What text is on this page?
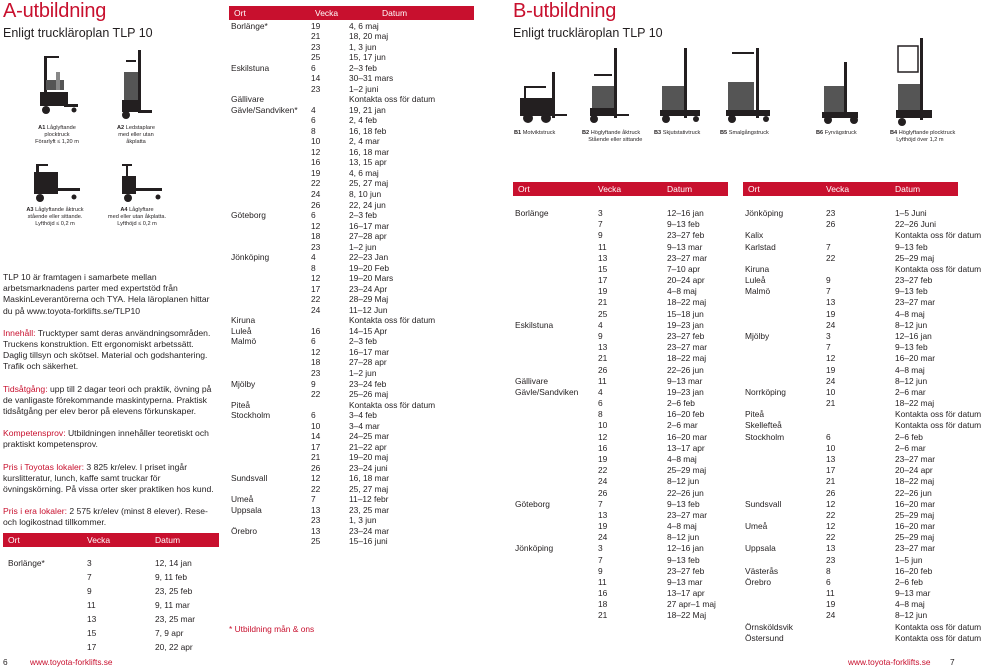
A-utbildning
Enligt truckläroplan TLP 10
A1 Låglyftande plocktruck
Förarlyft ≤ 1,20 m
A2 Ledstaplare
med eller utan
åkplatta
A3 Låglyftande åktruck
stående eller sittande.
Lyfthöjd ≤ 0,2 m
A4 Låglyftare
med eller utan åkplatta.
Lyfthöjd ≤ 0,2 m

TLP 10 är framtagen i samarbete mellan arbetsmarknadens parter med expertstöd från MaskinLeverantörerna och TYA. Hela läroplanen hittar du på www.toyota-forklifts.se/TLP10

Innehåll: Trucktyper samt deras användningsområden. Truckens konstruktion. Ett ergonomiskt arbetssätt. Daglig tillsyn och skötsel. Material och godshantering. Trafik och säkerhet.

Tidsåtgång: upp till 2 dagar teori och praktik, övning på de vanligaste förekommande maskintyperna. Praktisk tidsåtgång per elev beror på elevens förkunskaper.

Kompetensprov: Utbildningen innehåller teoretiskt och praktiskt kompetensprov.

Pris i Toyotas lokaler: 3 825 kr/elev. I priset ingår kurslitteratur, lunch, kaffe samt truckar för övningskörning. På vissa orter sker praktiken hos kund.

Pris i era lokaler: 2 575 kr/elev (minst 8 elever). Rese- och logikostnad tillkommer.

Ort	Vecka	Datum
Borlänge*	3	12, 14 jan
7	9, 11 feb
9	23, 25 feb
11	9, 11 mar
13	23, 25 mar
15	7, 9 apr
17	20, 22 apr
Ort	Vecka	Datum
Borlänge*	19	4, 6 maj
21	18, 20 maj
23	1, 3 jun
25	15, 17 jun
Eskilstuna	6	2–3 feb
14	30–31 mars
23	1–2 juni
Gällivare	Kontakta oss för datum
Gävle/Sandviken* 4	19, 21 jan
6	2, 4 feb
8	16, 18 feb
10	2, 4 mar
12	16, 18 mar
16	13, 15 apr
19	4, 6 maj
22	25, 27 maj
24	8, 10 jun
26	22, 24 jun
Göteborg	6	2–3 feb
12	16–17 mar
18	27–28 apr
23	1–2 jun
Jönköping	4	22–23 Jan
8	19–20 Feb
12	19–20 Mars
17	23–24 Apr
22	28–29 Maj
24	11–12 Jun
Kiruna	Kontakta oss för datum
Luleå	16	14–15 Apr
Malmö	6	2–3 feb
12	16–17 mar
18	27–28 apr
23	1–2 jun
Mjölby	9	23–24 feb
22	25–26 maj
Piteå	Kontakta oss för datum
Stockholm	6	3–4 feb
10	3–4 mar
14	24–25 mar
17	21–22 apr
21	19–20 maj
26	23–24 juni
Sundsvall	12	16, 18 mar
22	25, 27 maj
Umeå	7	11–12 febr
Uppsala	13	23, 25 mar
23	1, 3 jun
Örebro	13	23–24 mar
25	15–16 juni
* Utbildning mån & ons
B-utbildning
Enligt truckläroplan TLP 10
B1 Motviktstruck	B2 Höglyftande åktruck
Stående eller sittande
B3 Skjutstativtruck	B5 Smalgångstruck	B6 Fyrvägstruck	B4 Höglyftande plocktruck
Lyfthöjd över 1,2 m
Ort	Vecka	Datum	Ort	Vecka	Datum
Borlänge	3	12–16 jan
7	9–13 feb
9	23–27 feb
11	9–13 mar
13	23–27 mar
15	7–10 apr
17	20–24 apr
19	4–8 maj
21	18–22 maj
25	15–18 jun
Eskilstuna	4	19–23 jan
9	23–27 feb
13	23–27 mar
21	18–22 maj
26	22–26 jun
Gällivare	11	9–13 mar
Gävle/Sandviken 4	19–23 jan
6	2–6 feb
8	16–20 feb
10	2–6 mar
12	16–20 mar
16	13–17 apr
19	4–8 maj
22	25–29 maj
24	8–12 jun
26	22–26 jun
Göteborg	7	9–13 feb
13	23–27 mar
19	4–8 maj
24	8–12 jun
Jönköping	3	12–16 jan
7	9–13 feb
9	23–27 feb
11	9–13 mar
16	13–17 apr
18	27 apr–1 maj
21	18–22 Maj
Jönköping	23	1–5 Juni
26	22–26 Juni
Kalix	Kontakta oss för datum
Karlstad	7	9–13 feb
22	25–29 maj
Kiruna	Kontakta oss för datum
Luleå	9	23–27 feb
Malmö	7	9–13 feb
13	23–27 mar
19	4–8 maj
24	8–12 jun
Mjölby	3	12–16 jan
7	9–13 feb
12	16–20 mar
19	4–8 maj
24	8–12 jun
Norrköping	10	2–6 mar
21	18–22 maj
Piteå	Kontakta oss för datum
Skellefteå	Kontakta oss för datum
Stockholm	6	2–6 feb
10	2–6 mar
13	23–27 mar
17	20–24 apr
21	18–22 maj
26	22–26 jun
Sundsvall	12	16–20 mar
22	25–29 maj
Umeå	12	16–20 mar
22	25–29 maj
Uppsala	13	23–27 mar
23	1–5 jun
Västerås	8	16–20 feb
Örebro	6	2–6 feb
11	9–13 mar
19	4–8 maj
24	8–12 jun
Örnsköldsvik	Kontakta oss för datum
Östersund	Kontakta oss för datum
6	www.toyota-forklifts.se	www.toyota-forklifts.se 7
